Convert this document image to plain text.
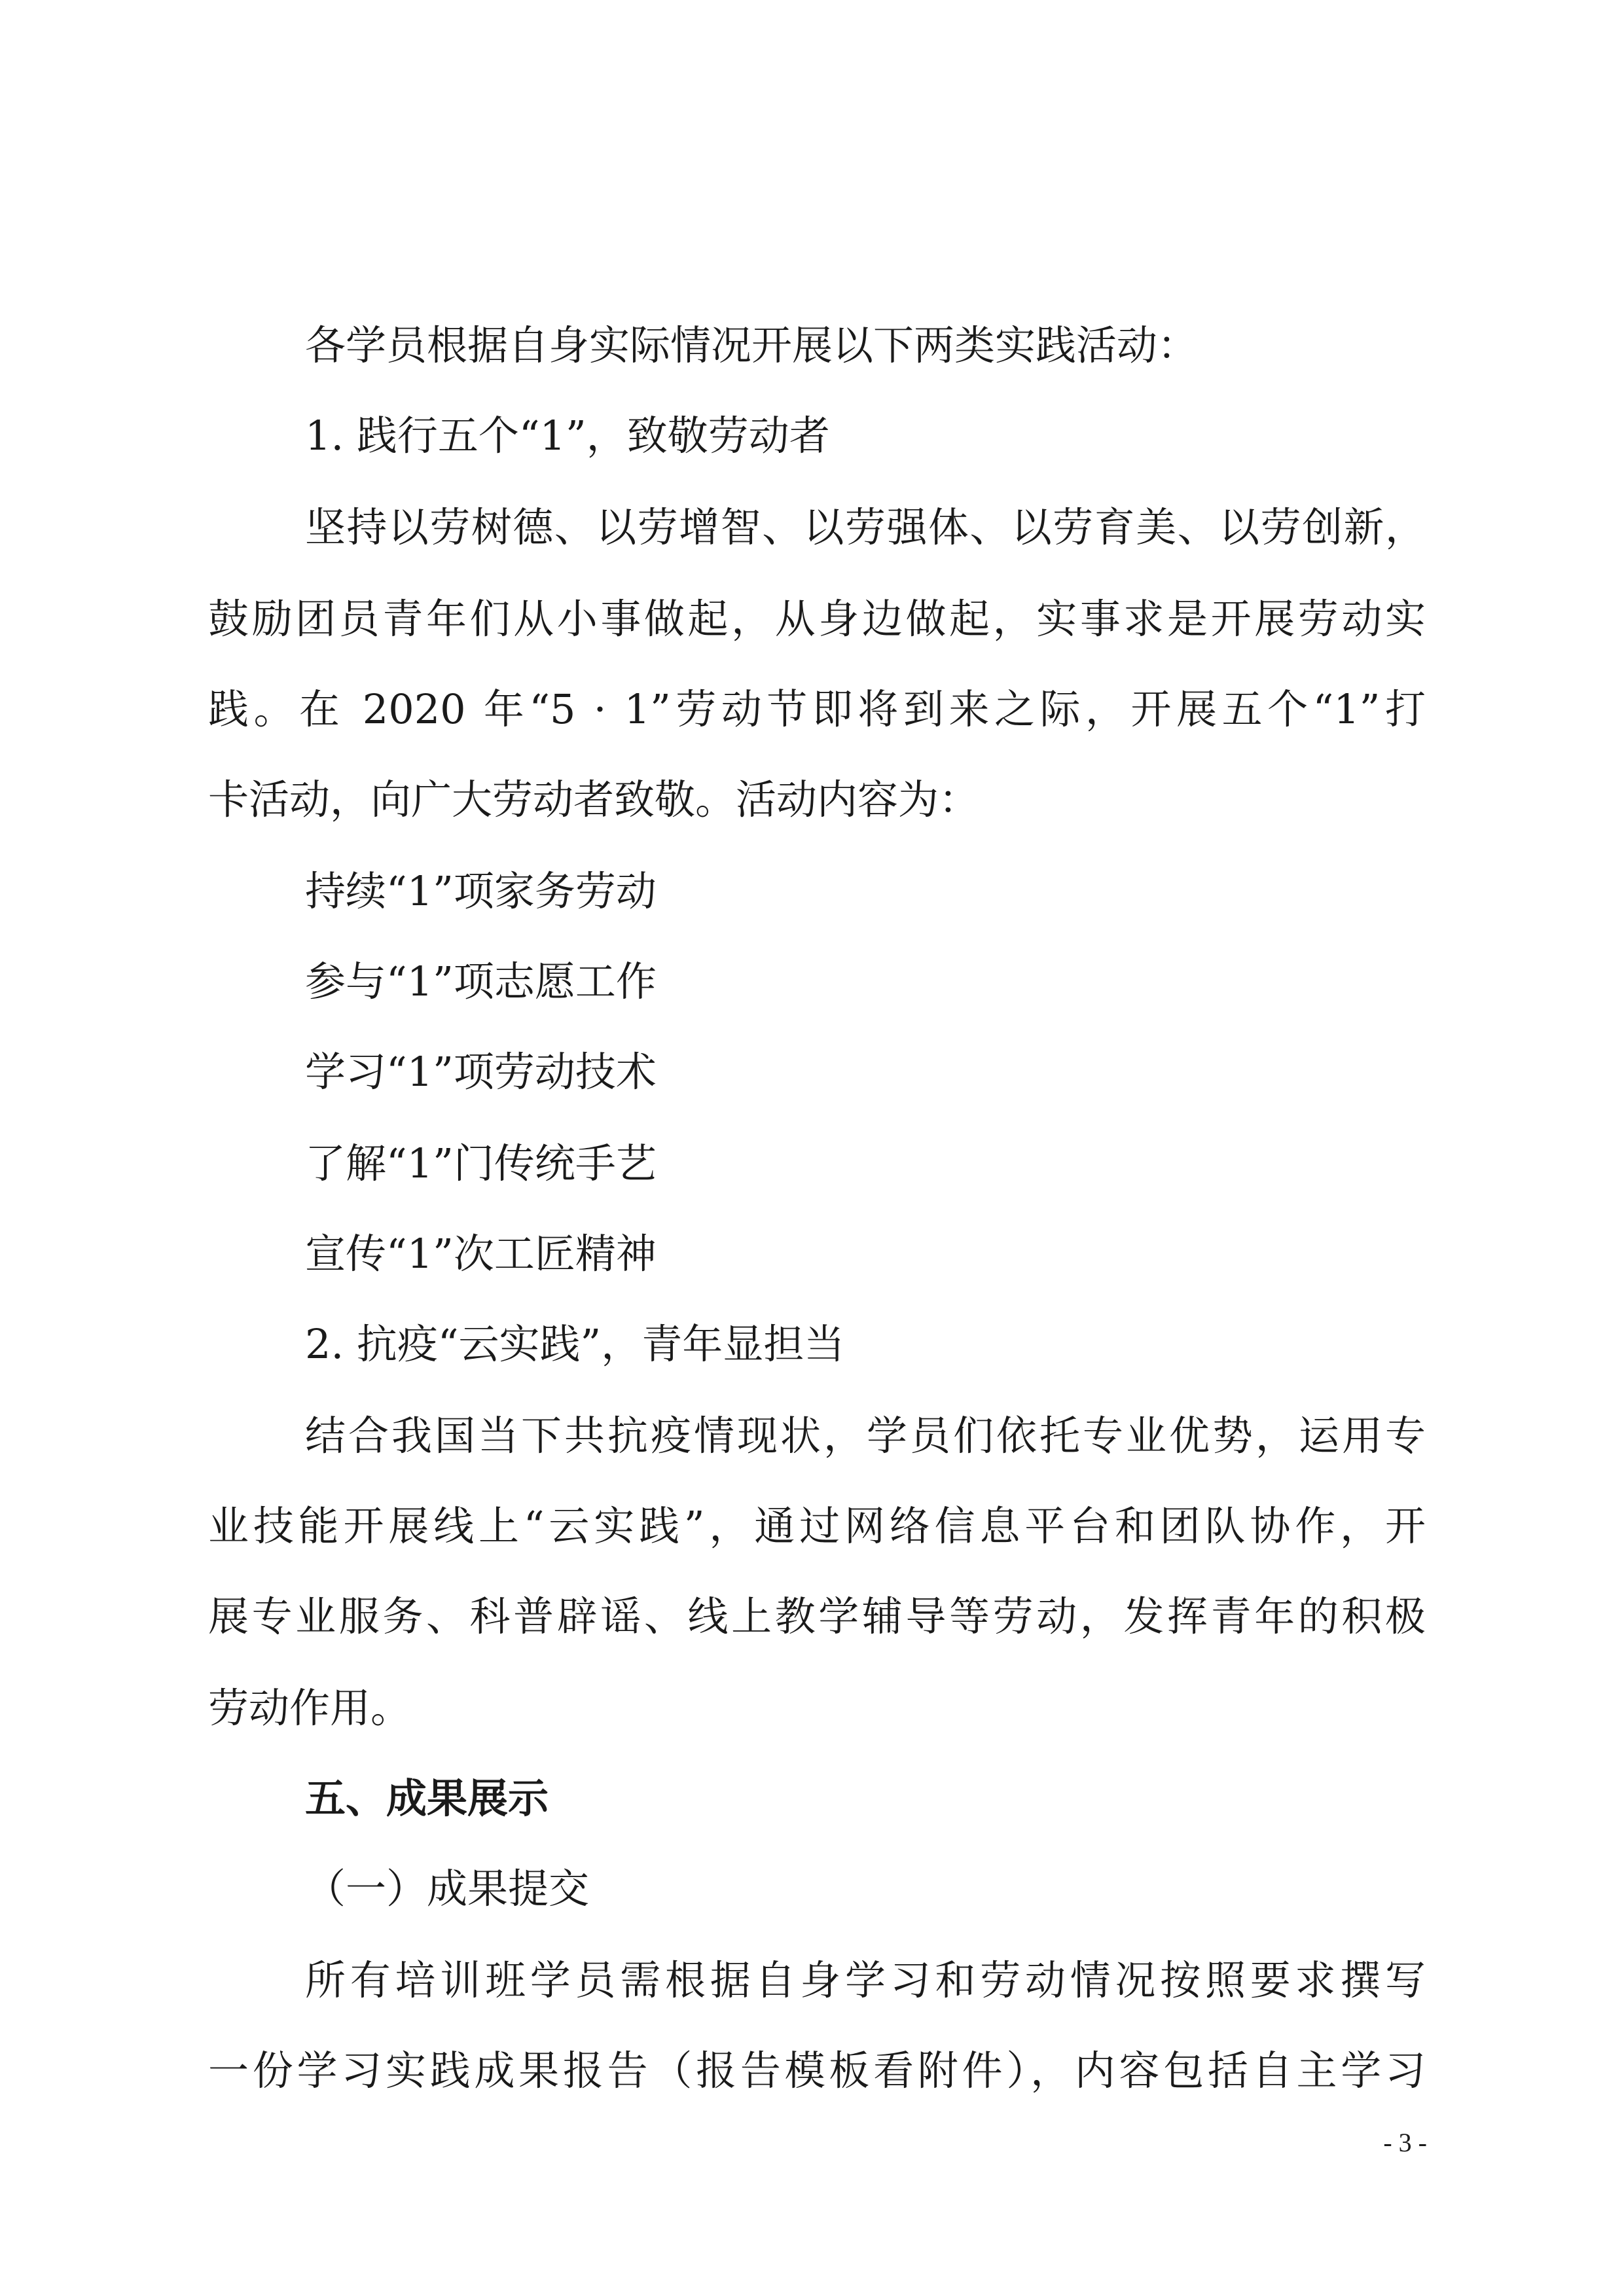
各学员根据自身实际情况开展以下两类实践活动：
1. 践行五个“1”，致敬劳动者
坚持以劳树德、以劳增智、以劳强体、以劳育美、以劳创新，
鼓励团员青年们从小事做起，从身边做起，实事求是开展劳动实
践。在 2020 年“5 · 1”劳动节即将到来之际，开展五个“1”打
卡活动，向广大劳动者致敬。活动内容为：
持续“1”项家务劳动
参与“1”项志愿工作
学习“1”项劳动技术
了解“1”门传统手艺
宣传“1”次工匠精神
2. 抗疫“云实践”，青年显担当
结合我国当下共抗疫情现状，学员们依托专业优势，运用专
业技能开展线上“云实践”，通过网络信息平台和团队协作，开
展专业服务、科普辟谣、线上教学辅导等劳动，发挥青年的积极
劳动作用。
五、成果展示
（一）成果提交
所有培训班学员需根据自身学习和劳动情况按照要求撰写
一份学习实践成果报告（报告模板看附件），内容包括自主学习
- 3 -
